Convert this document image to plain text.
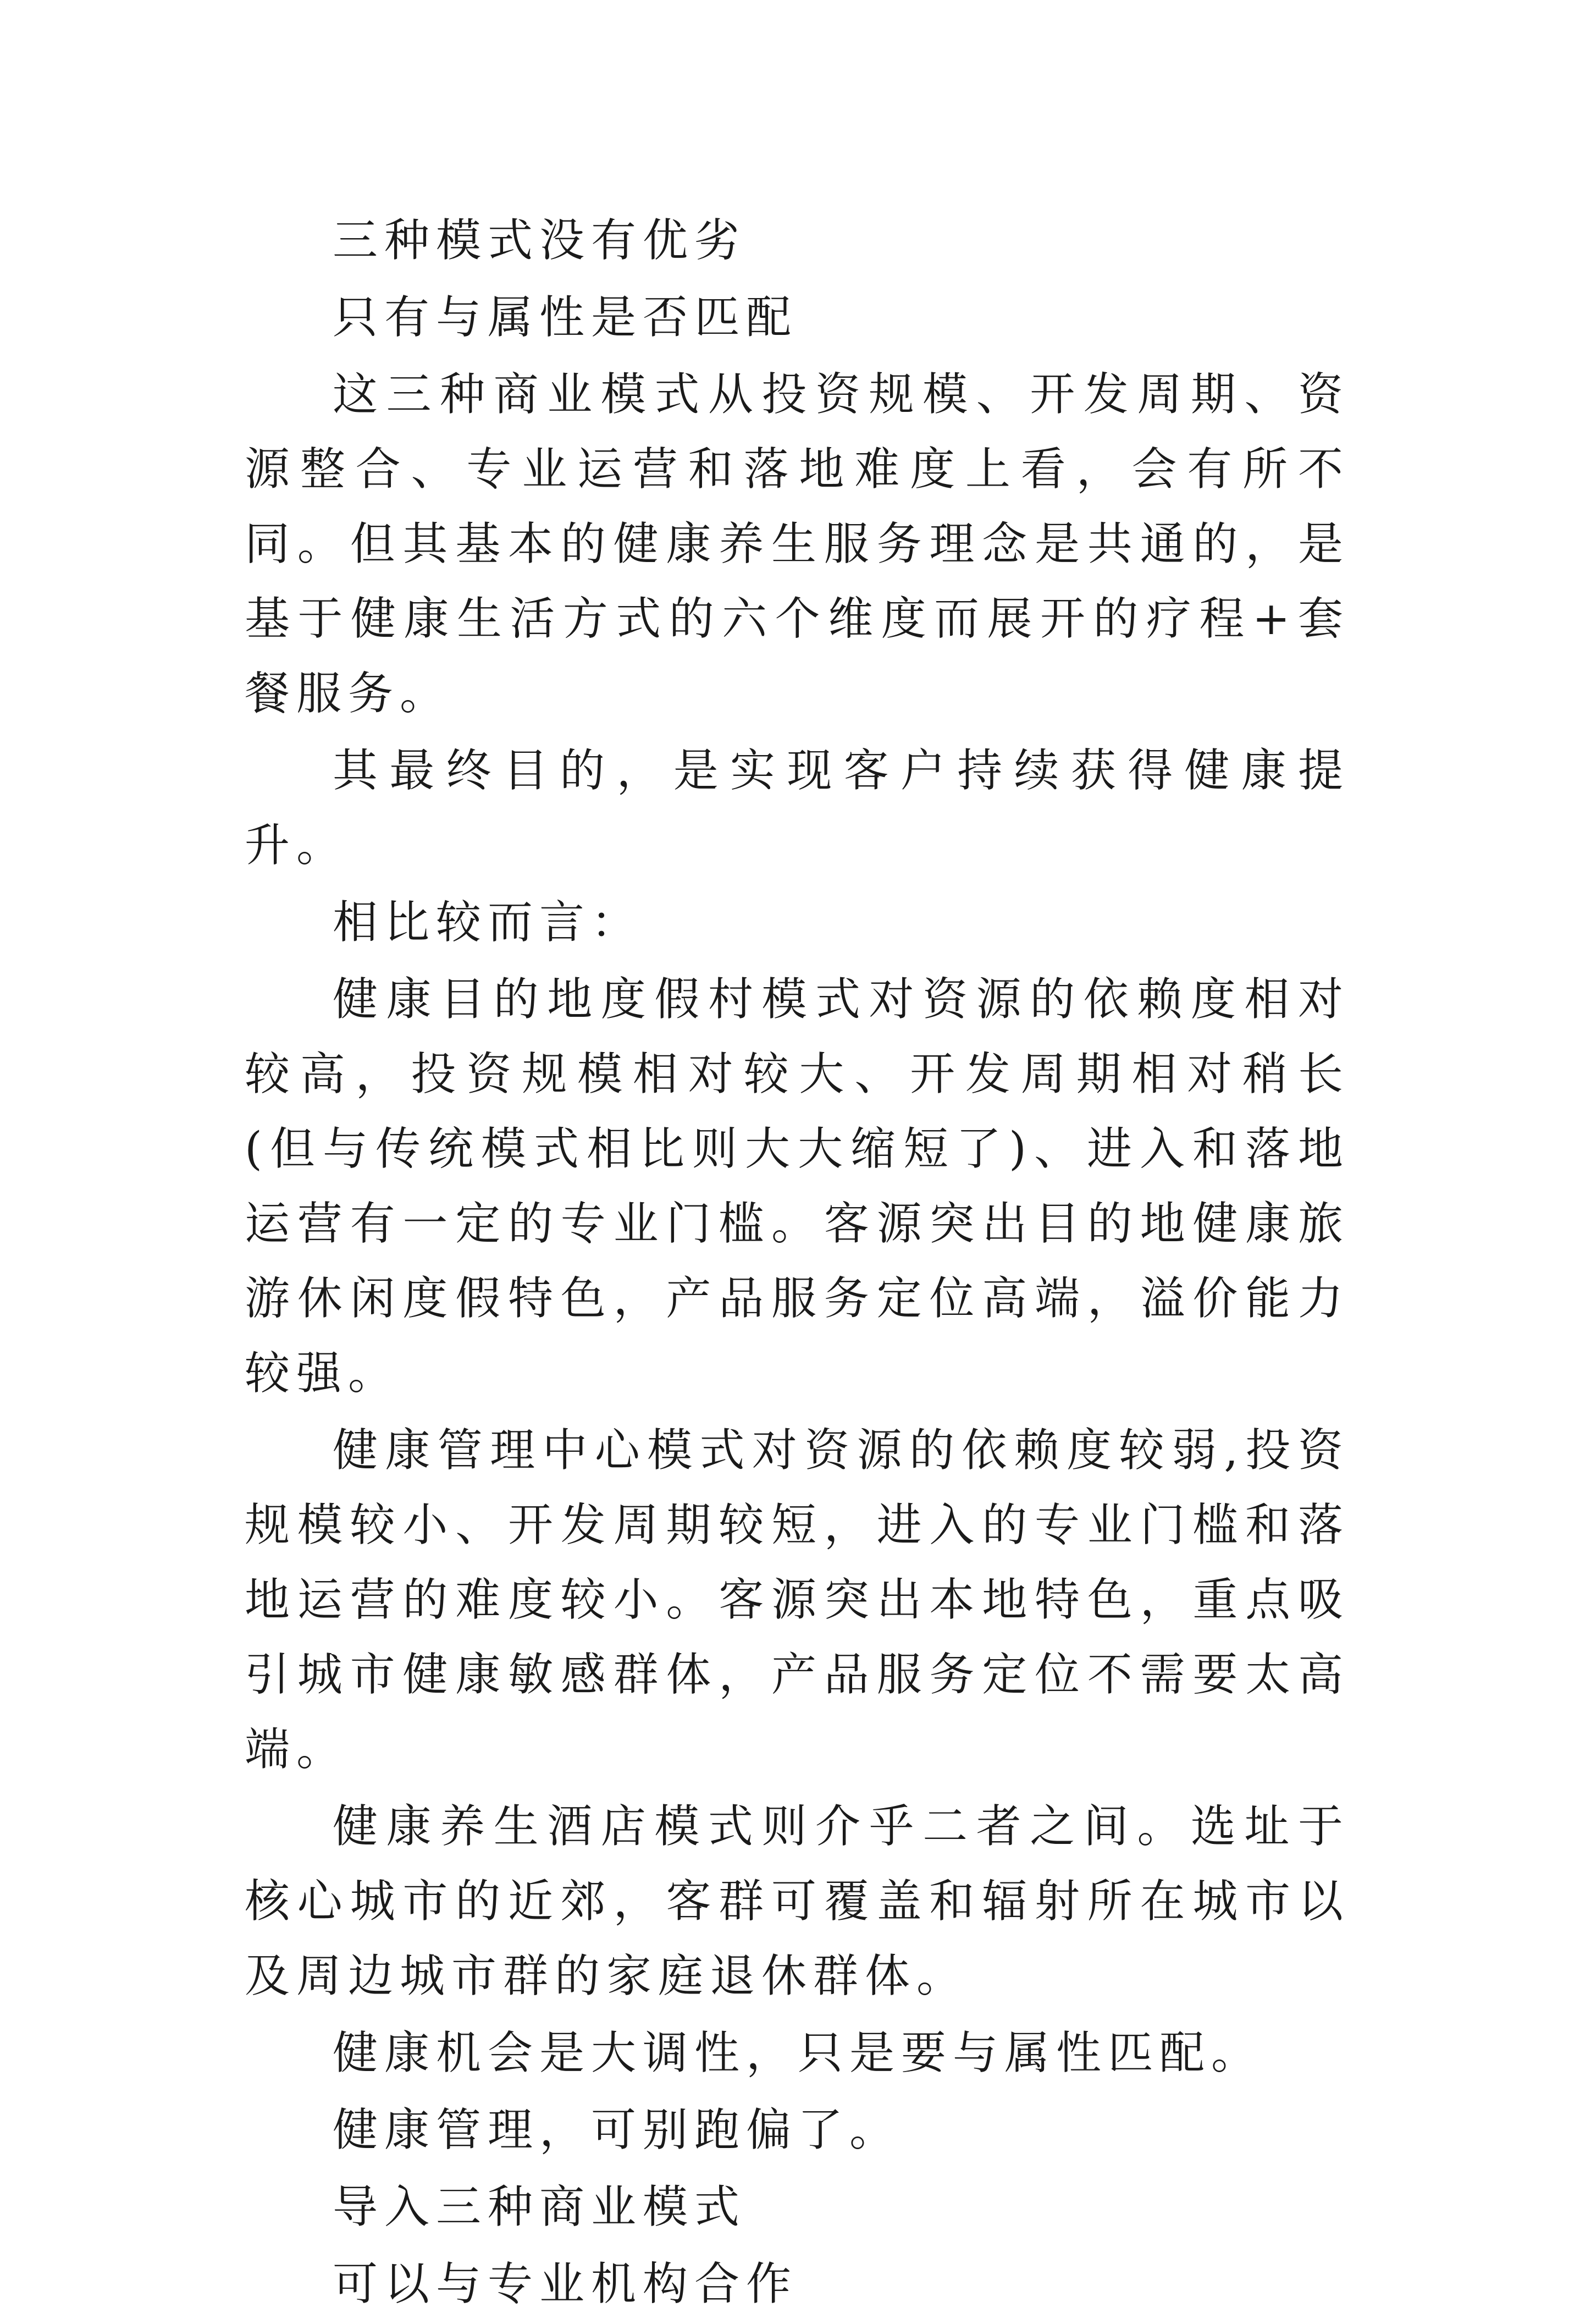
三种模式没有优劣

只有与属性是否匹配

这三种商业模式从投资规模、开发周期、资源整合、专业运营和落地难度上看，会有所不同。但其基本的健康养生服务理念是共通的，是基于健康生活方式的六个维度而展开的疗程+套餐服务。

其最终目的，是实现客户持续获得健康提升。

相比较而言：

健康目的地度假村模式对资源的依赖度相对较高，投资规模相对较大、开发周期相对稍长(但与传统模式相比则大大缩短了)、进入和落地运营有一定的专业门槛。客源突出目的地健康旅游休闲度假特色，产品服务定位高端，溢价能力较强。

健康管理中心模式对资源的依赖度较弱,投资规模较小、开发周期较短，进入的专业门槛和落地运营的难度较小。客源突出本地特色，重点吸引城市健康敏感群体，产品服务定位不需要太高端。

健康养生酒店模式则介乎二者之间。选址于核心城市的近郊，客群可覆盖和辐射所在城市以及周边城市群的家庭退休群体。

健康机会是大调性，只是要与属性匹配。

健康管理，可别跑偏了。

导入三种商业模式

可以与专业机构合作
